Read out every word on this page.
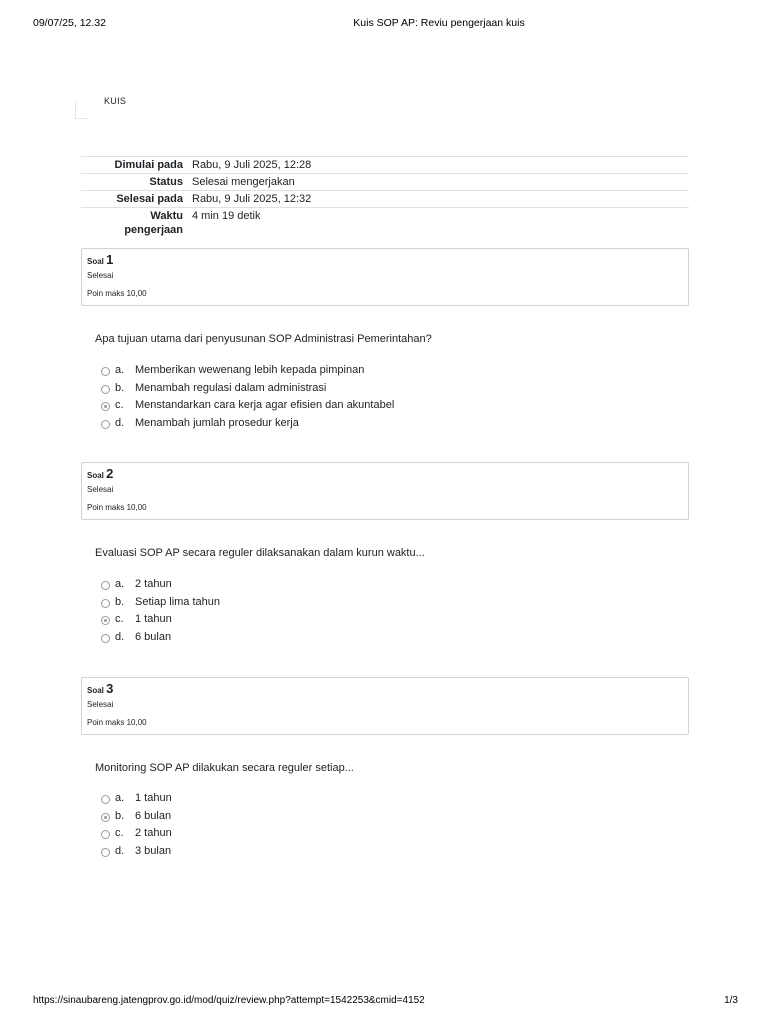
09/07/25, 12.32	Kuis SOP AP: Reviu pengerjaan kuis
KUIS
Dimulai pada	Rabu, 9 Juli 2025, 12:28
Status	Selesai mengerjakan
Selesai pada	Rabu, 9 Juli 2025, 12:32
Waktu pengerjaan	4 min 19 detik
Soal 1
Selesai
Poin maks 10,00
Apa tujuan utama dari penyusunan SOP Administrasi Pemerintahan?
a. Memberikan wewenang lebih kepada pimpinan
b. Menambah regulasi dalam administrasi
c. Menstandarkan cara kerja agar efisien dan akuntabel
d. Menambah jumlah prosedur kerja
Soal 2
Selesai
Poin maks 10,00
Evaluasi SOP AP secara reguler dilaksanakan dalam kurun waktu...
a. 2 tahun
b. Setiap lima tahun
c. 1 tahun
d. 6 bulan
Soal 3
Selesai
Poin maks 10,00
Monitoring SOP AP dilakukan secara reguler setiap...
a. 1 tahun
b. 6 bulan
c. 2 tahun
d. 3 bulan
https://sinaubareng.jatengprov.go.id/mod/quiz/review.php?attempt=1542253&cmid=4152	1/3
